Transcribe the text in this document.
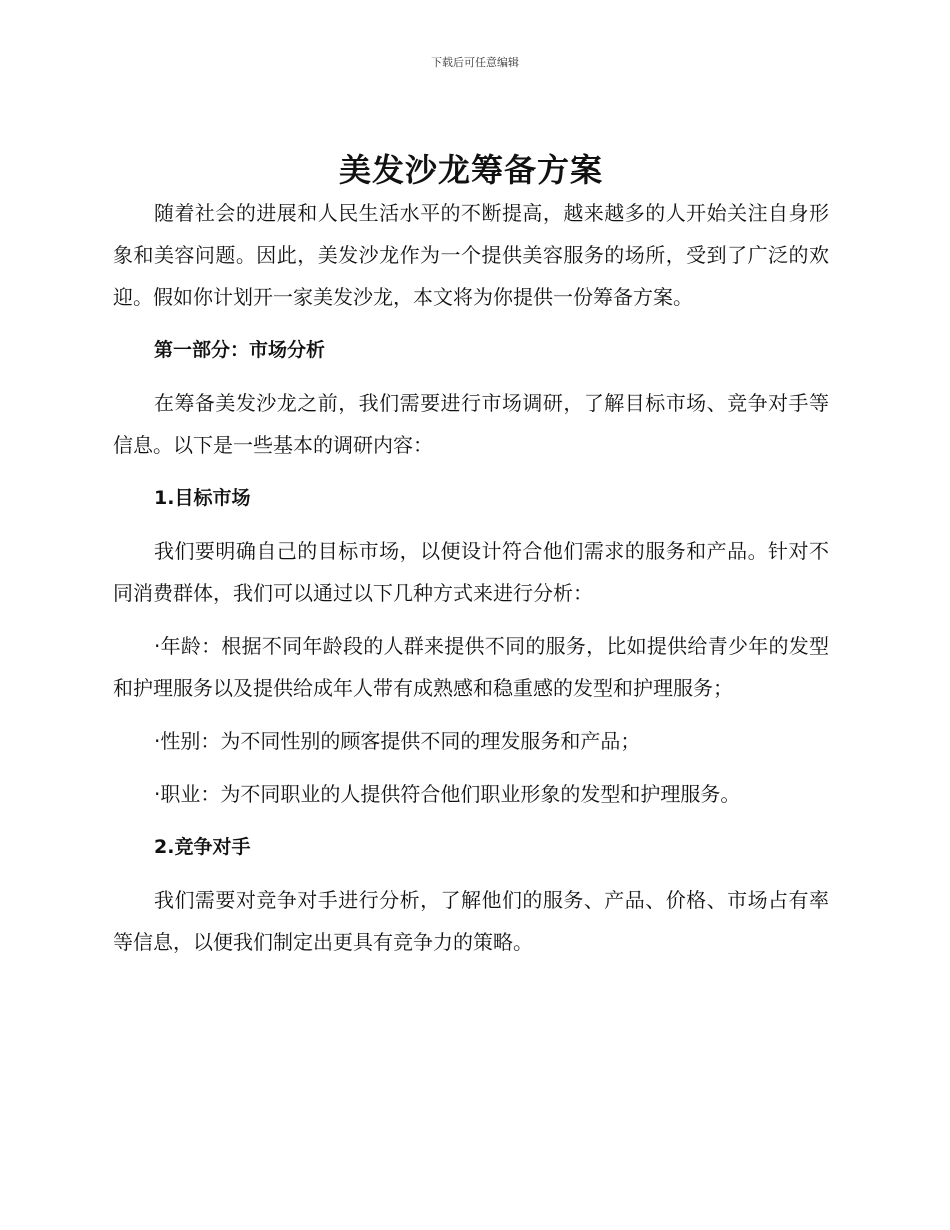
下载后可任意编辑
美发沙龙筹备方案

随着社会的进展和人民生活水平的不断提高，越来越多的人开始关注自身形象和美容问题。因此，美发沙龙作为一个提供美容服务的场所，受到了广泛的欢迎。假如你计划开一家美发沙龙，本文将为你提供一份筹备方案。

第一部分：市场分析

在筹备美发沙龙之前，我们需要进行市场调研，了解目标市场、竞争对手等信息。以下是一些基本的调研内容：

1.目标市场

我们要明确自己的目标市场，以便设计符合他们需求的服务和产品。针对不同消费群体，我们可以通过以下几种方式来进行分析：

·年龄：根据不同年龄段的人群来提供不同的服务，比如提供给青少年的发型和护理服务以及提供给成年人带有成熟感和稳重感的发型和护理服务；

·性别：为不同性别的顾客提供不同的理发服务和产品；

·职业：为不同职业的人提供符合他们职业形象的发型和护理服务。

2.竞争对手

我们需要对竞争对手进行分析，了解他们的服务、产品、价格、市场占有率等信息，以便我们制定出更具有竞争力的策略。
